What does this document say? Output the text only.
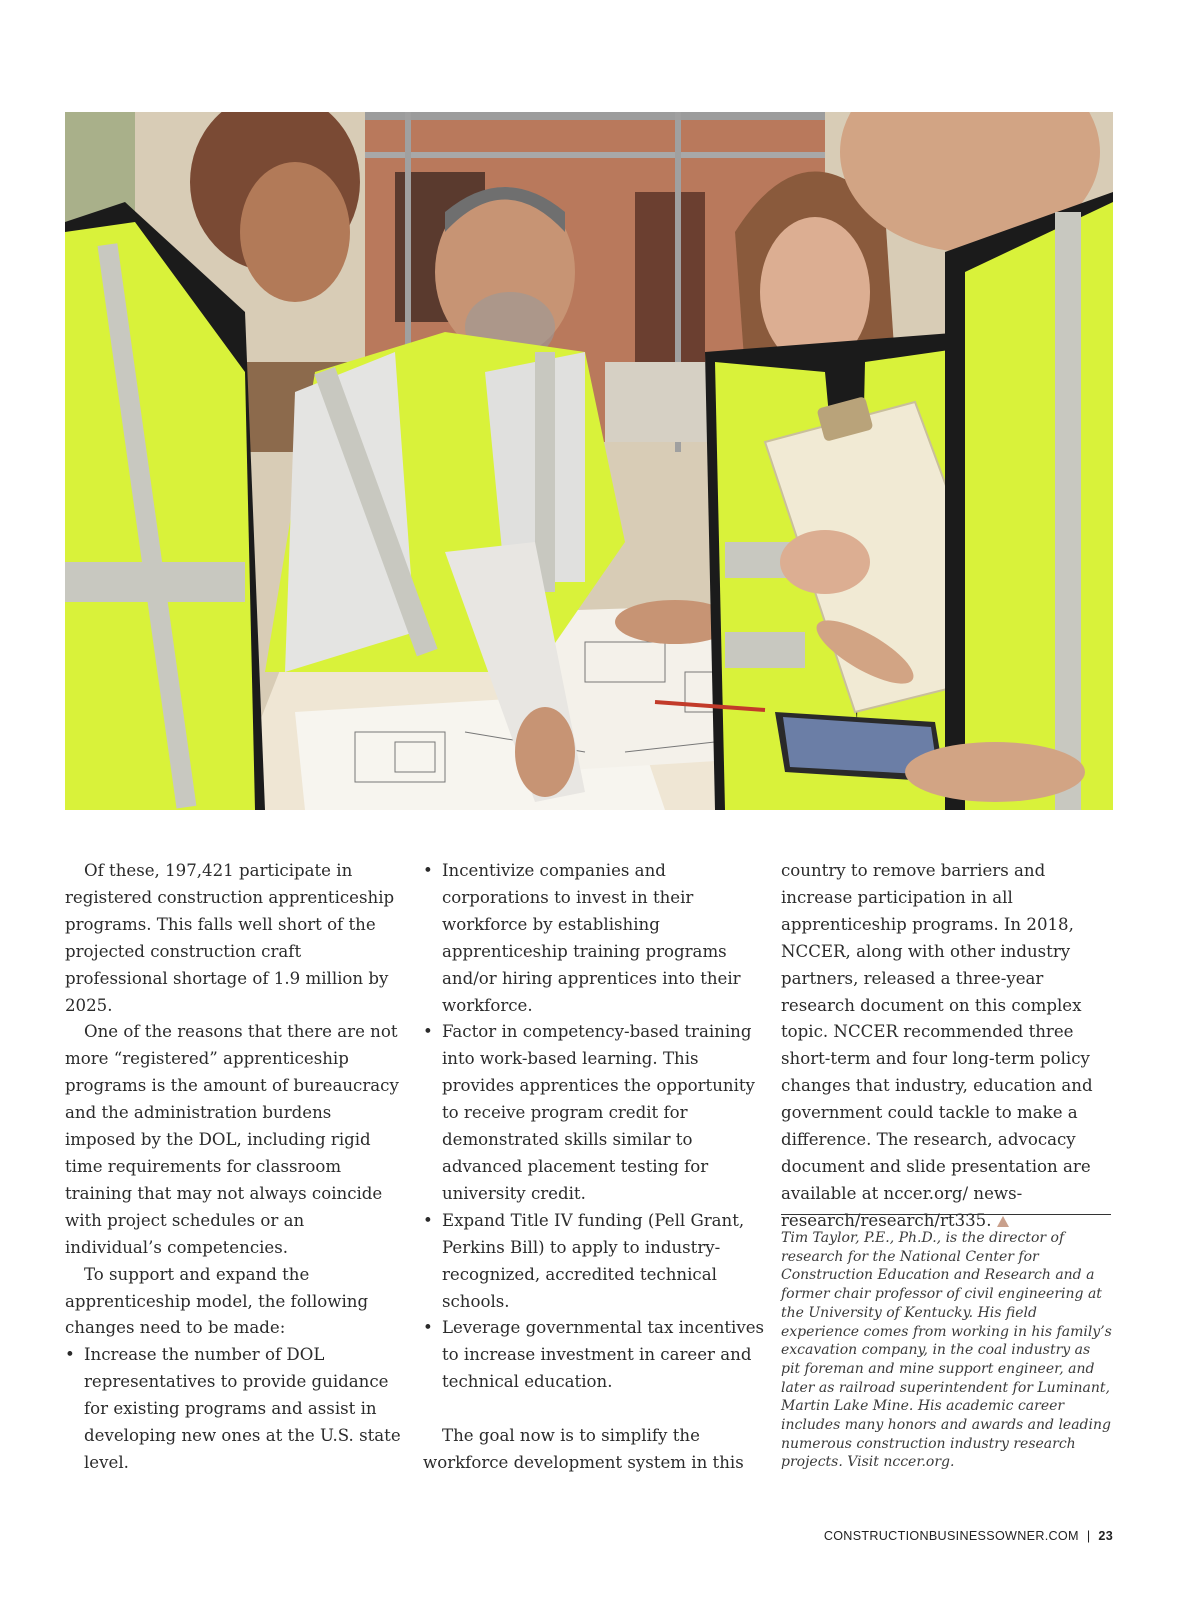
Of these, 197,421 participate in registered construction apprenticeship programs. This falls well short of the projected construction craft professional shortage of 1.9 million by 2025.

One of the reasons that there are not more “registered” apprenticeship programs is the amount of bureaucracy and the administration burdens imposed by the DOL, including rigid time requirements for classroom training that may not always coincide with project schedules or an individual’s competencies.

To support and expand the apprenticeship model, the following changes need to be made:

• Increase the number of DOL representatives to provide guidance for existing programs and assist in developing new ones at the U.S. state level.
• Incentivize companies and corporations to invest in their workforce by establishing apprenticeship training programs and/or hiring apprentices into their workforce.
• Factor in competency-based training into work-based learning. This provides apprentices the opportunity to receive program credit for demonstrated skills similar to advanced placement testing for university credit.
• Expand Title IV funding (Pell Grant, Perkins Bill) to apply to industry-recognized, accredited technical schools.
• Leverage governmental tax incentives to increase investment in career and technical education.

The goal now is to simplify the workforce development system in this

country to remove barriers and increase participation in all apprenticeship programs. In 2018, NCCER, along with other industry partners, released a three-year research document on this complex topic. NCCER recommended three short-term and four long-term policy changes that industry, education and government could tackle to make a difference. The research, advocacy document and slide presentation are available at nccer.org/ news-research/research/rt335.

Tim Taylor, P.E., Ph.D., is the director of research for the National Center for Construction Education and Research and a former chair professor of civil engineering at the University of Kentucky. His field experience comes from working in his family’s excavation company, in the coal industry as pit foreman and mine support engineer, and later as railroad superintendent for Luminant, Martin Lake Mine. His academic career includes many honors and awards and leading numerous construction industry research projects. Visit nccer.org.
CONSTRUCTIONBUSINESSOWNER.COM | 23
